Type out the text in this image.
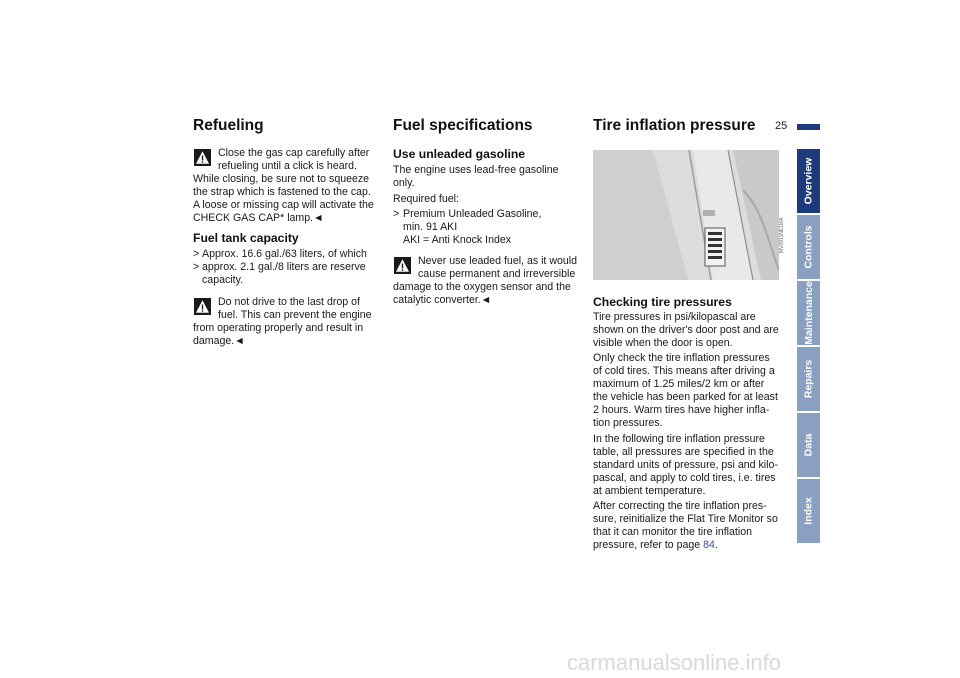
25
Refueling
Close the gas cap carefully after
refueling until a click is heard.
While closing, be sure not to squeeze
the strap which is fastened to the cap.
A loose or missing cap will activate the
CHECK GAS CAP* lamp.◄
Fuel tank capacity
> Approx. 16.6 gal./63 liters, of which
> approx. 2.1 gal./8 liters are reserve
capacity.
Do not drive to the last drop of
fuel. This can prevent the engine
from operating properly and result in
damage.◄
Fuel specifications
Use unleaded gasoline
The engine uses lead-free gasoline
only.
Required fuel:
> Premium Unleaded Gasoline,
min. 91 AKI
AKI = Anti Knock Index
Never use leaded fuel, as it would
cause permanent and irreversible
damage to the oxygen sensor and the
catalytic converter.◄
Tire inflation pressure
MV0911NE1MA
Checking tire pressures
Tire pressures in psi/kilopascal are
shown on the driver's door post and are
visible when the door is open.
Only check the tire inflation pressures
of cold tires. This means after driving a
maximum of 1.25 miles/2 km or after
the vehicle has been parked for at least
2 hours. Warm tires have higher infla-
tion pressures.
In the following tire inflation pressure
table, all pressures are specified in the
standard units of pressure, psi and kilo-
pascal, and apply to cold tires, i.e. tires
at ambient temperature.
After correcting the tire inflation pres-
sure, reinitialize the Flat Tire Monitor so
that it can monitor the tire inflation
pressure, refer to page 84.
Overview
Controls
Maintenance
Repairs
Data
Index
carmanualsonline.info
